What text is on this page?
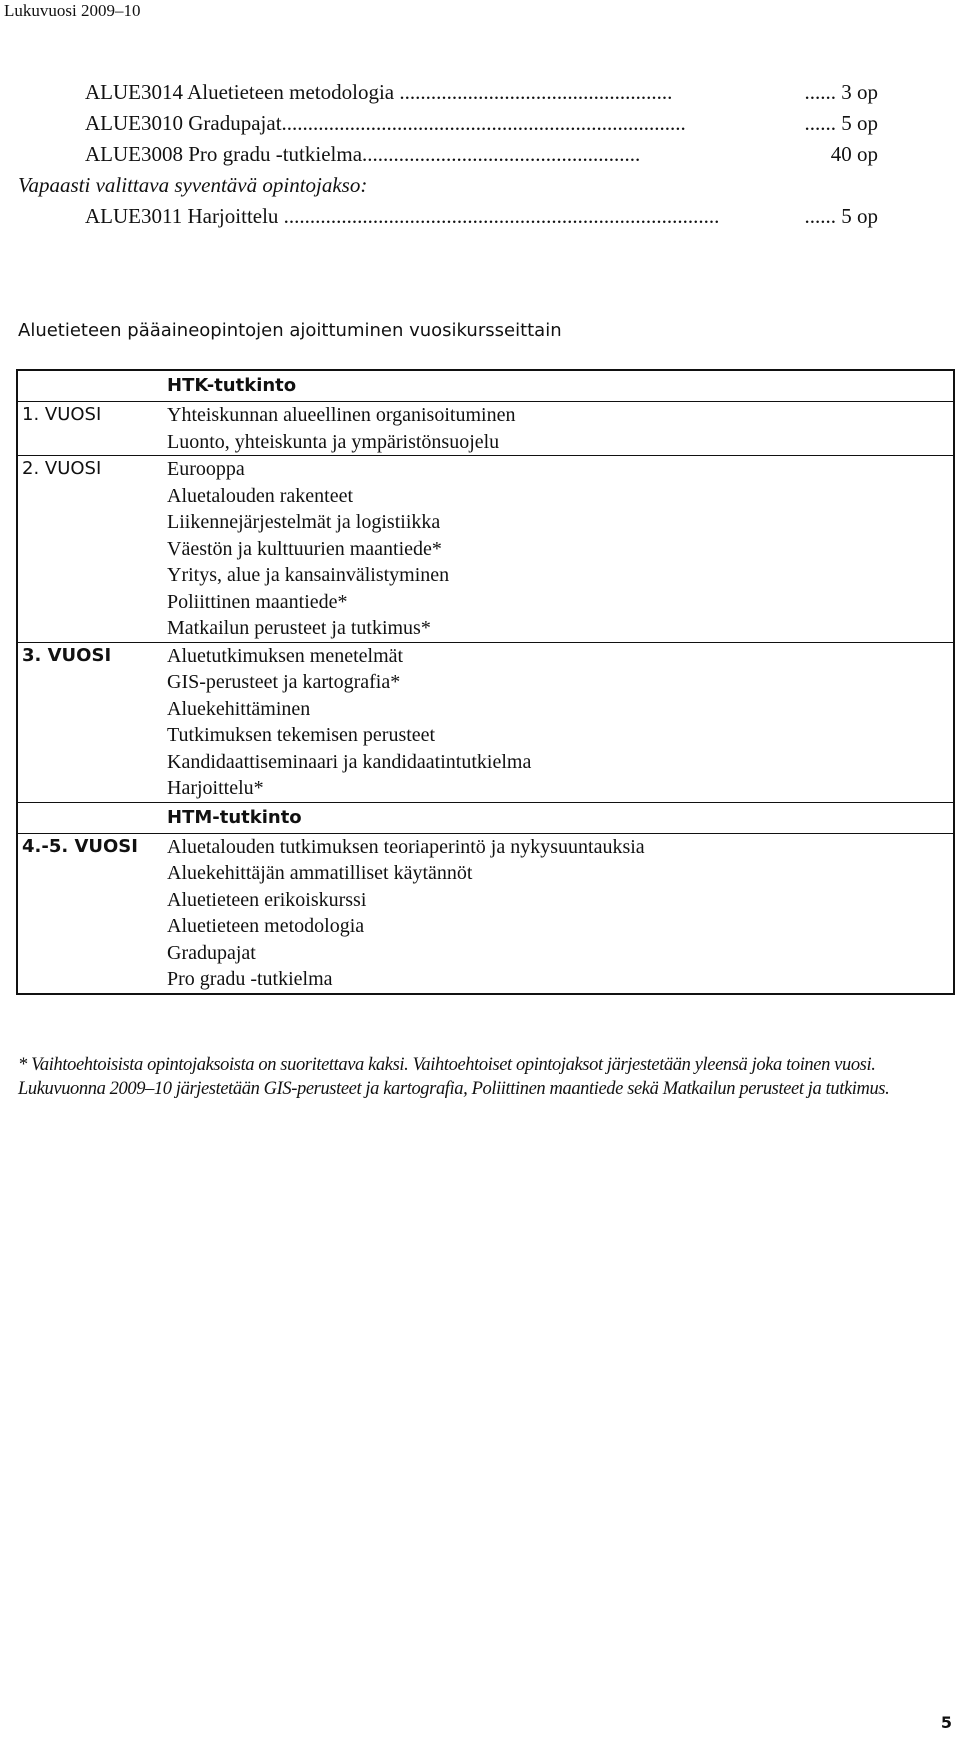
Lukuvuosi 2009–10
ALUE3014 Aluetieteen metodologia ....................................................	...... 3 op
ALUE3010 Gradupajat.............................................................................	...... 5 op
ALUE3008 Pro gradu -tutkielma.....................................................	40 op
Vapaasti valittava syventävä opintojakso:
ALUE3011 Harjoittelu ...................................................................................	...... 5 op
Aluetieteen pääaineopintojen ajoittuminen vuosikursseittain
HTK-tutkinto
1. VUOSI	Yhteiskunnan alueellinen organisoituminen
Luonto, yhteiskunta ja ympäristönsuojelu
2. VUOSI	Eurooppa
Aluetalouden rakenteet
Liikennejärjestelmät ja logistiikka
Väestön ja kulttuurien maantiede*
Yritys, alue ja kansainvälistyminen
Poliittinen maantiede*
Matkailun perusteet ja tutkimus*
3. VUOSI	Aluetutkimuksen menetelmät
GIS-perusteet ja kartografia*
Aluekehittäminen
Tutkimuksen tekemisen perusteet
Kandidaattiseminaari ja kandidaatintutkielma
Harjoittelu*
HTM-tutkinto
4.-5. VUOSI	Aluetalouden tutkimuksen teoriaperintö ja nykysuuntauksia
Aluekehittäjän ammatilliset käytännöt
Aluetieteen erikoiskurssi
Aluetieteen metodologia
Gradupajat
Pro gradu -tutkielma
* Vaihtoehtoisista opintojaksoista on suoritettava kaksi. Vaihtoehtoiset opintojaksot järjestetään yleensä joka toinen vuosi. Lukuvuonna 2009–10 järjestetään GIS-perusteet ja kartografia, Poliittinen maantiede sekä Matkailun perusteet ja tutkimus.
5
